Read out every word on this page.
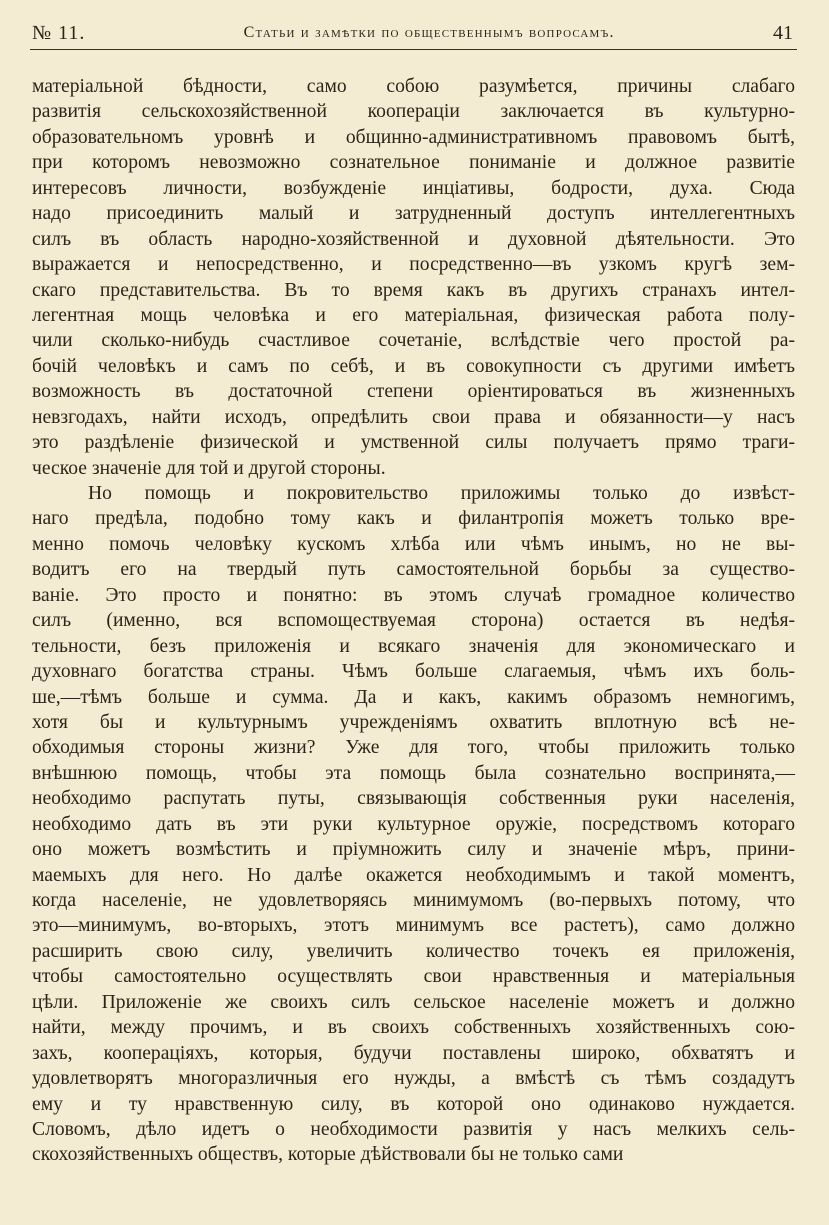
№ 11.	Статьи и замѣтки по общественнымъ вопросамъ.	41
матеріальной бѣдности, само собою разумѣется, причины слабаго
развитія сельскохозяйственной коопераціи заключается въ культурно-
образовательномъ уровнѣ и общинно-административномъ правовомъ бытѣ,
при которомъ невозможно сознательное пониманіе и должное развитіе
интересовъ личности, возбужденіе инціативы, бодрости, духа. Сюда
надо присоединить малый и затрудненный доступъ интеллегентныхъ
силъ въ область народно-хозяйственной и духовной дѣятельности. Это
выражается и непосредственно, и посредственно—въ узкомъ кругѣ зем-
скаго представительства. Въ то время какъ въ другихъ странахъ интел-
легентная мощь человѣка и его матеріальная, физическая работа полу-
чили сколько-нибудь счастливое сочетаніе, вслѣдствіе чего простой ра-
бочій человѣкъ и самъ по себѣ, и въ совокупности съ другими имѣетъ
возможность въ достаточной степени оріентироваться въ жизненныхъ
невзгодахъ, найти исходъ, опредѣлить свои права и обязанности—у насъ
это раздѣленіе физической и умственной силы получаетъ прямо траги-
ческое значеніе для той и другой стороны.
Но помощь и покровительство приложимы только до извѣст-
наго предѣла, подобно тому какъ и филантропія можетъ только вре-
менно помочь человѣку кускомъ хлѣба или чѣмъ инымъ, но не вы-
водитъ его на твердый путь самостоятельной борьбы за существо-
ваніе. Это просто и понятно: въ этомъ случаѣ громадное количество
силъ (именно, вся вспомоществуемая сторона) остается въ недѣя-
тельности, безъ приложенія и всякаго значенія для экономическаго и
духовнаго богатства страны. Чѣмъ больше слагаемыя, чѣмъ ихъ боль-
ше,—тѣмъ больше и сумма. Да и какъ, какимъ образомъ немногимъ,
хотя бы и культурнымъ учрежденіямъ охватить вплотную всѣ не-
обходимыя стороны жизни? Уже для того, чтобы приложить только
внѣшнюю помощь, чтобы эта помощь была сознательно воспринята,—
необходимо распутать путы, связывающія собственныя руки населенія,
необходимо дать въ эти руки культурное оружіе, посредствомъ котораго
оно можетъ возмѣстить и пріумножить силу и значеніе мѣръ, прини-
маемыхъ для него. Но далѣе окажется необходимымъ и такой моментъ,
когда населеніе, не удовлетворяясь минимумомъ (во-первыхъ потому, что
это—минимумъ, во-вторыхъ, этотъ минимумъ все растетъ), само должно
расширить свою силу, увеличить количество точекъ ея приложенія,
чтобы самостоятельно осуществлять свои нравственныя и матеріальныя
цѣли. Приложеніе же своихъ силъ сельское населеніе можетъ и должно
найти, между прочимъ, и въ своихъ собственныхъ хозяйственныхъ сою-
захъ, кооперацiяхъ, которыя, будучи поставлены широко, обхватятъ и
удовлетворятъ многоразличныя его нужды, а вмѣстѣ съ тѣмъ создадутъ
ему и ту нравственную силу, въ которой оно одинаково нуждается.
Словомъ, дѣло идетъ о необходимости развитія у насъ мелкихъ сель-
скохозяйственныхъ обществъ, которые дѣйствовали бы не только сами
